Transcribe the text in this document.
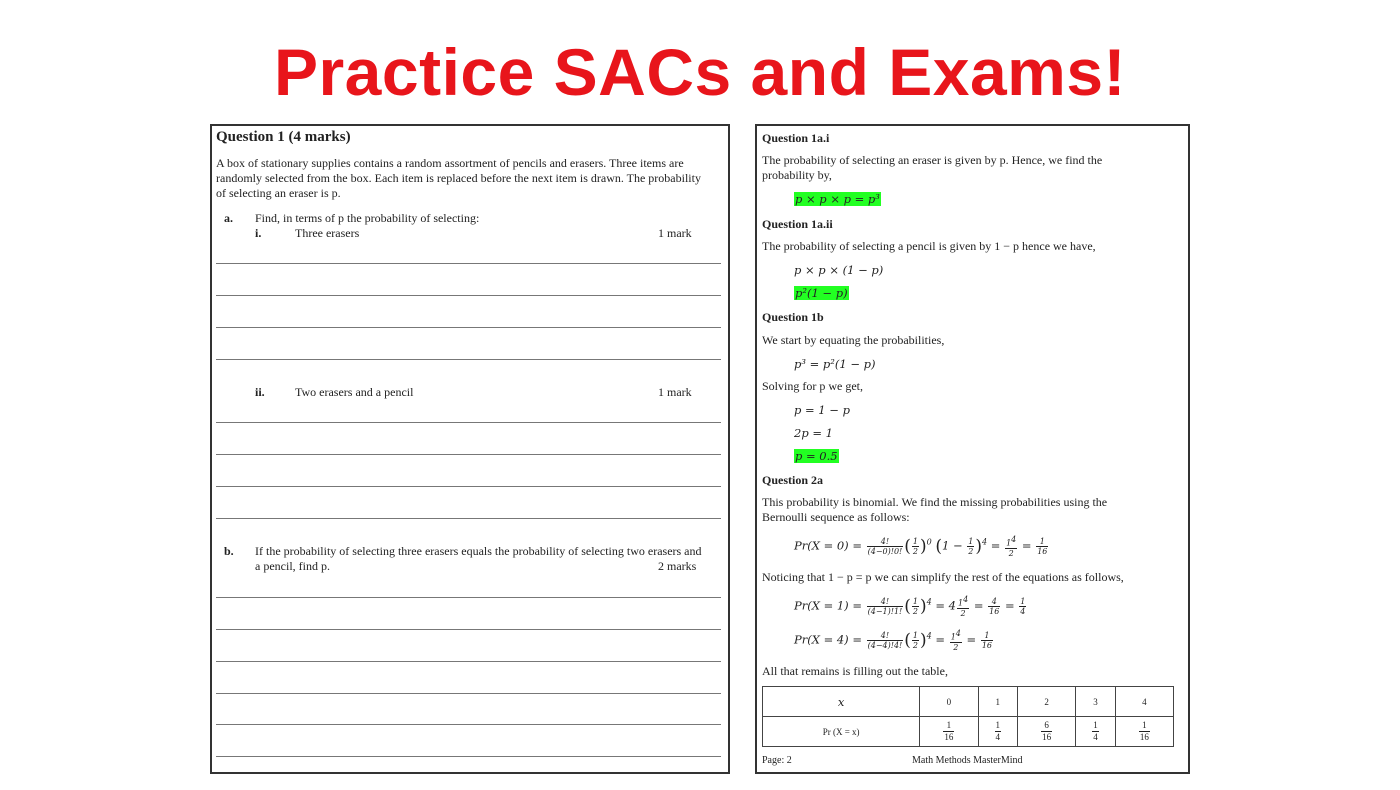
Practice SACs and Exams!
Question 1 (4 marks)
A box of stationary supplies contains a random assortment of pencils and erasers. Three items are
randomly selected from the box. Each item is replaced before the next item is drawn. The probability
of selecting an eraser is p.
a. Find, in terms of p the probability of selecting:
i.	Three erasers	1 mark
ii.	Two erasers and a pencil	1 mark
b. If the probability of selecting three erasers equals the probability of selecting two erasers and
a pencil, find p.	2 marks
Question 1a.i
The probability of selecting an eraser is given by p. Hence, we find the
probability by,
p × p × p = p³
Question 1a.ii
The probability of selecting a pencil is given by 1 − p hence we have,
p × p × (1 − p)
p²(1 − p)
Question 1b
We start by equating the probabilities,
p³ = p²(1 − p)
Solving for p we get,
p = 1 − p
2p = 1
p = 0.5
Question 2a
This probability is binomial. We find the missing probabilities using the
Bernoulli sequence as follows:
$Pr(X = 0) = \frac{4!}{(4-0)!0!}$ ( $\frac{1}{2} )^0$ $(1 - \frac{1}{2} )^4 = \frac{1^4}{2} = \frac{1}{16}$
Noticing that 1 − p = p we can simplify the rest of the equations as follows,
$Pr(X = 1) = \frac{4!}{(4-1)!1!}$ ( $\frac{1}{2} )^4 = 4 \frac{1^4}{2} = \frac{4}{16} = \frac{1}{4}$
$Pr(X = 4) = \frac{4!}{(4-4)!4!}$ ( $\frac{1}{2} )^4 = \frac{1^4}{2} = \frac{1}{16}$
All that remains is filling out the table,
x	0	1	2	3	4
Pr (X = x)	$\frac{1}{16}$	$\frac{1}{4}$	$\frac{6}{16}$	$\frac{1}{4}$	$\frac{1}{16}$
Page: 2	Math Methods MasterMind
